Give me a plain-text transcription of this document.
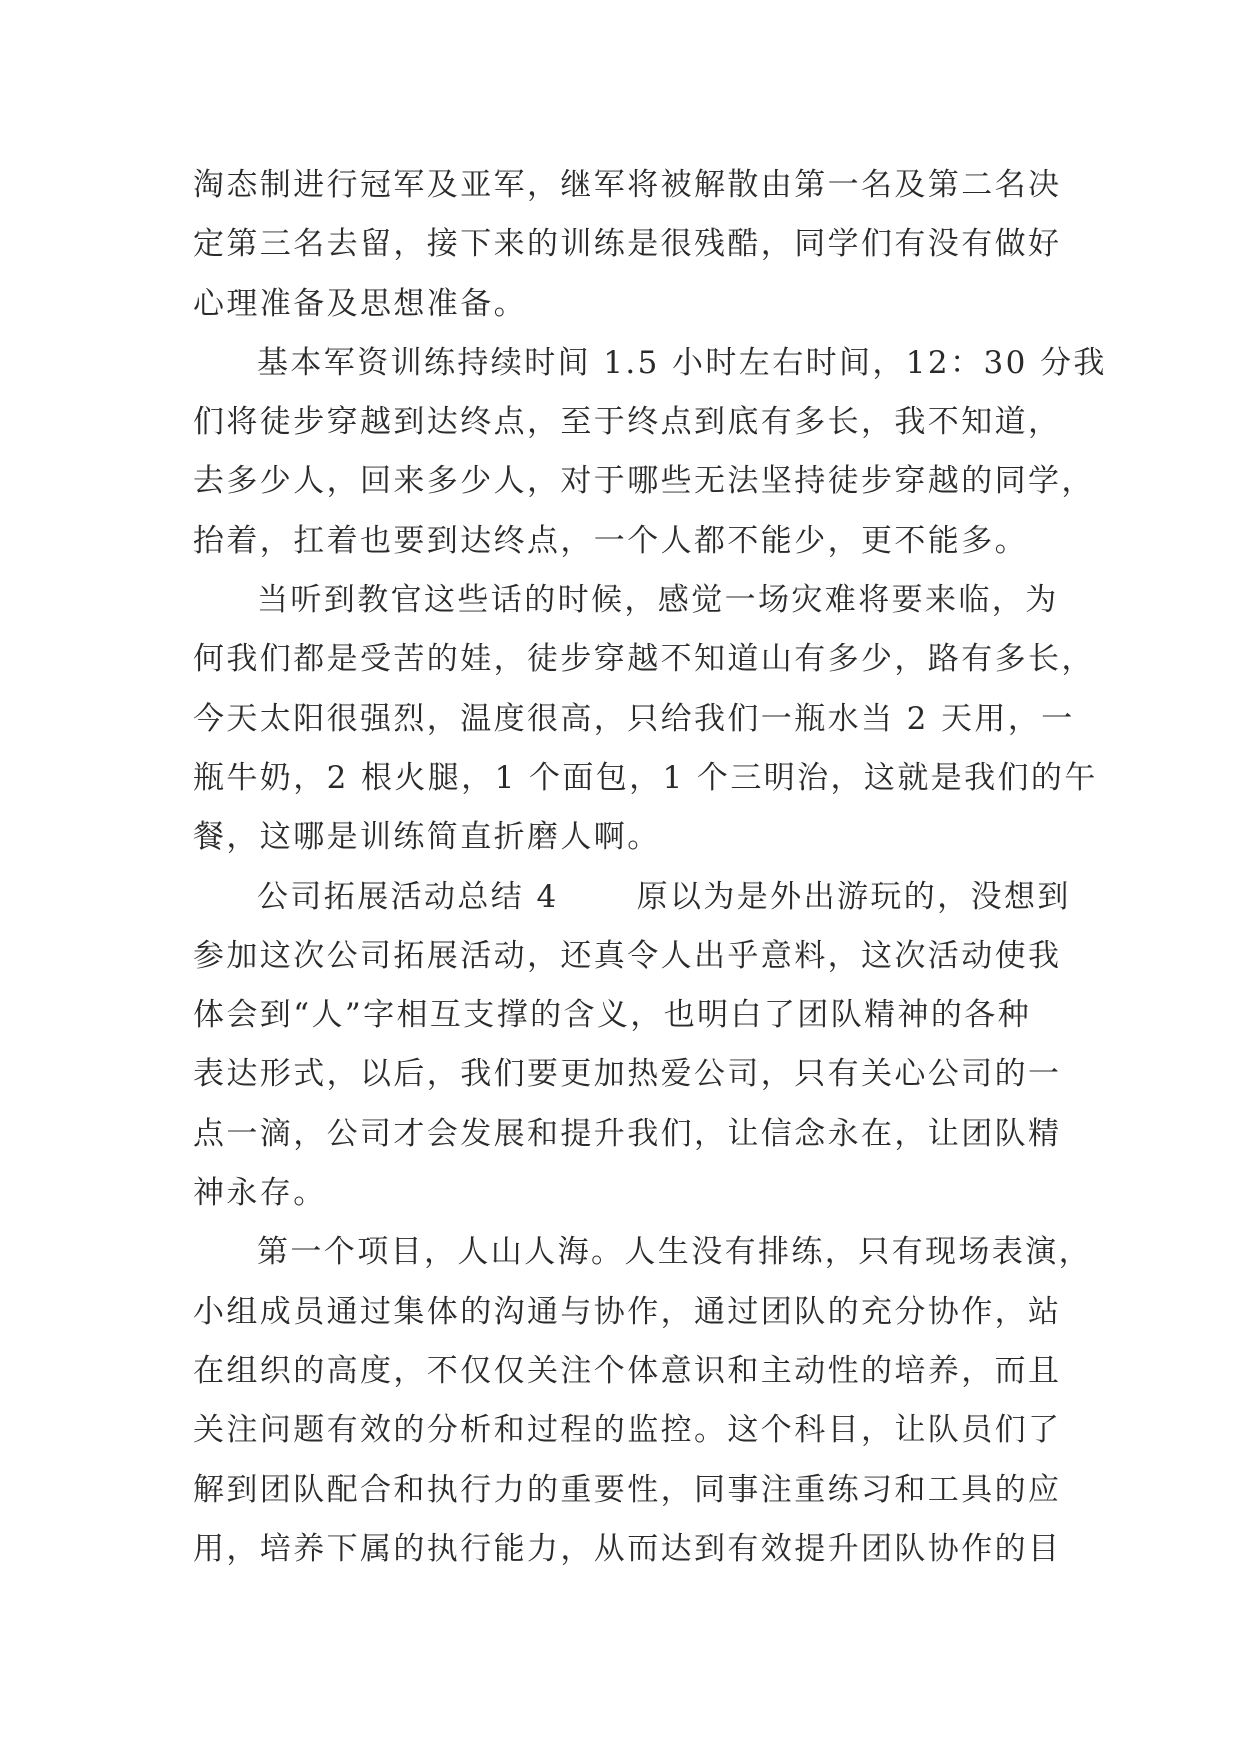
淘态制进行冠军及亚军，继军将被解散由第一名及第二名决
定第三名去留，接下来的训练是很残酷，同学们有没有做好
心理准备及思想准备。
基本军资训练持续时间 1.5 小时左右时间，12：30 分我
们将徒步穿越到达终点，至于终点到底有多长，我不知道，
去多少人，回来多少人，对于哪些无法坚持徒步穿越的同学，
抬着，扛着也要到达终点，一个人都不能少，更不能多。
当听到教官这些话的时候，感觉一场灾难将要来临，为
何我们都是受苦的娃，徒步穿越不知道山有多少，路有多长，
今天太阳很强烈，温度很高，只给我们一瓶水当 2 天用，一
瓶牛奶，2 根火腿，1 个面包，1 个三明治，这就是我们的午
餐，这哪是训练简直折磨人啊。
公司拓展活动总结 4	原以为是外出游玩的，没想到
参加这次公司拓展活动，还真令人出乎意料，这次活动使我
体会到“人”字相互支撑的含义，也明白了团队精神的各种
表达形式，以后，我们要更加热爱公司，只有关心公司的一
点一滴，公司才会发展和提升我们，让信念永在，让团队精
神永存。
第一个项目，人山人海。人生没有排练，只有现场表演，
小组成员通过集体的沟通与协作，通过团队的充分协作，站
在组织的高度，不仅仅关注个体意识和主动性的培养，而且
关注问题有效的分析和过程的监控。这个科目，让队员们了
解到团队配合和执行力的重要性，同事注重练习和工具的应
用，培养下属的执行能力，从而达到有效提升团队协作的目
